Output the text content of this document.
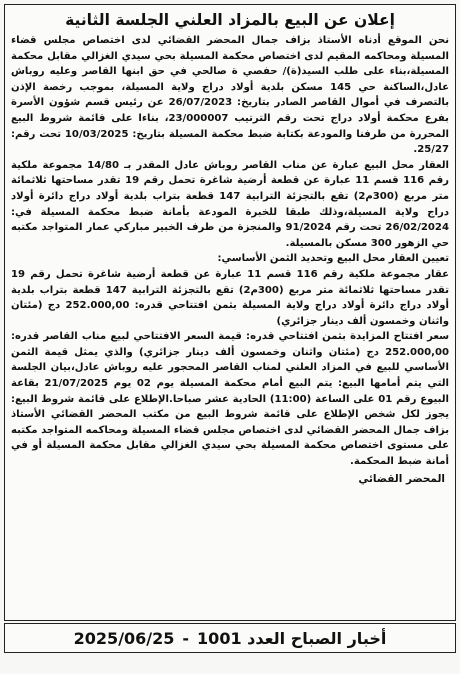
إعلان عن البيع بالمزاد العلني الجلسة الثانية

نحن الموقع أدناه الأستاذ بزاف جمال المحضر القضائي لدى اختصاص مجلس قضاء المسيلة ومحاكمه المقيم لدى اختصاص محكمة المسيلة بحي سيدي الغزالي مقابل محكمة المسيلة،بناء على طلب السيد(ة)/ حفصي ة صالحي في حق ابنها القاصر وعليه روباش عادل،الساكنة حي 145 مسكن بلدية أولاد دراج ولاية المسيلة، بموجب رخصة الإذن بالتصرف في أموال القاصر الصادر بتاريخ: 26/07/2023 عن رئيس قسم شؤون الأسرة بفرع محكمة أولاد دراج تحت رقم الترتيب 23/000007، بناءا على قائمة شروط البيع المحررة من طرفنا والمودعة بكتابة ضبط محكمة المسيلة بتاريخ: 10/03/2025 تحت رقم: 25/27.

العقار محل البيع عبارة عن مناب القاصر روباش عادل المقدر بـ 14/80 مجموعة ملكية رقم 116 قسم 11 عبارة عن قطعة أرضية شاغرة تحمل رقم 19 تقدر مساحتها ثلاثمائة متر مربع (300م2) تقع بالتجزئة الترابية 147 قطعة بتراب بلدية أولاد دراج دائرة أولاد دراج ولاية المسيلة،وذلك طبقا للخبرة المودعة بأمانة ضبط محكمة المسيلة في: 26/02/2024 تحت رقم 91/2024 والمنجزة من طرف الخبير مباركي عمار المتواجد مكتبه حي الزهور 300 مسكن بالمسيلة.

تعيين العقار محل البيع وتحديد الثمن الأساسي:

عقار مجموعة ملكية رقم 116 قسم 11 عبارة عن قطعة أرضية شاغرة تحمل رقم 19 تقدر مساحتها ثلاثمائة متر مربع (300م2) تقع بالتجزئة الترابية 147 قطعة بتراب بلدية أولاد دراج دائرة أولاد دراج ولاية المسيلة بثمن افتتاحي قدره: 252.000,00 دج (مئتان واثنان وخمسون ألف دينار جزائري)

سعر افتتاح المزايدة بثمن افتتاحي قدره: قيمة السعر الافتتاحي لبيع مناب القاصر قدره: 252.000,00 دج (مئتان واثنان وخمسون ألف دينار جزائري) والذي يمثل قيمة الثمن الأساسي للبيع في المزاد العلني لمناب القاصر المحجور عليه روباش عادل،بيان الجلسة التي يتم أمامها البيع: يتم البيع أمام محكمة المسيلة يوم 02 يوم 21/07/2025 بقاعة البيوع رقم 01 على الساعة (11:00) الحادية عشر صباحا.الإطلاع على قائمة شروط البيع: يجوز لكل شخص الإطلاع على قائمة شروط البيع من مكتب المحضر القضائي الأستاذ بزاف جمال المحضر القضائي لدى اختصاص مجلس قضاء المسيلة ومحاكمه المتواجد مكتبه على مستوى اختصاص محكمة المسيلة بحي سيدي الغزالي مقابل محكمة المسيلة أو في أمانة ضبط المحكمة.

المحضر القضائي
أخبار الصباح العدد 1001
-
2025/06/25
